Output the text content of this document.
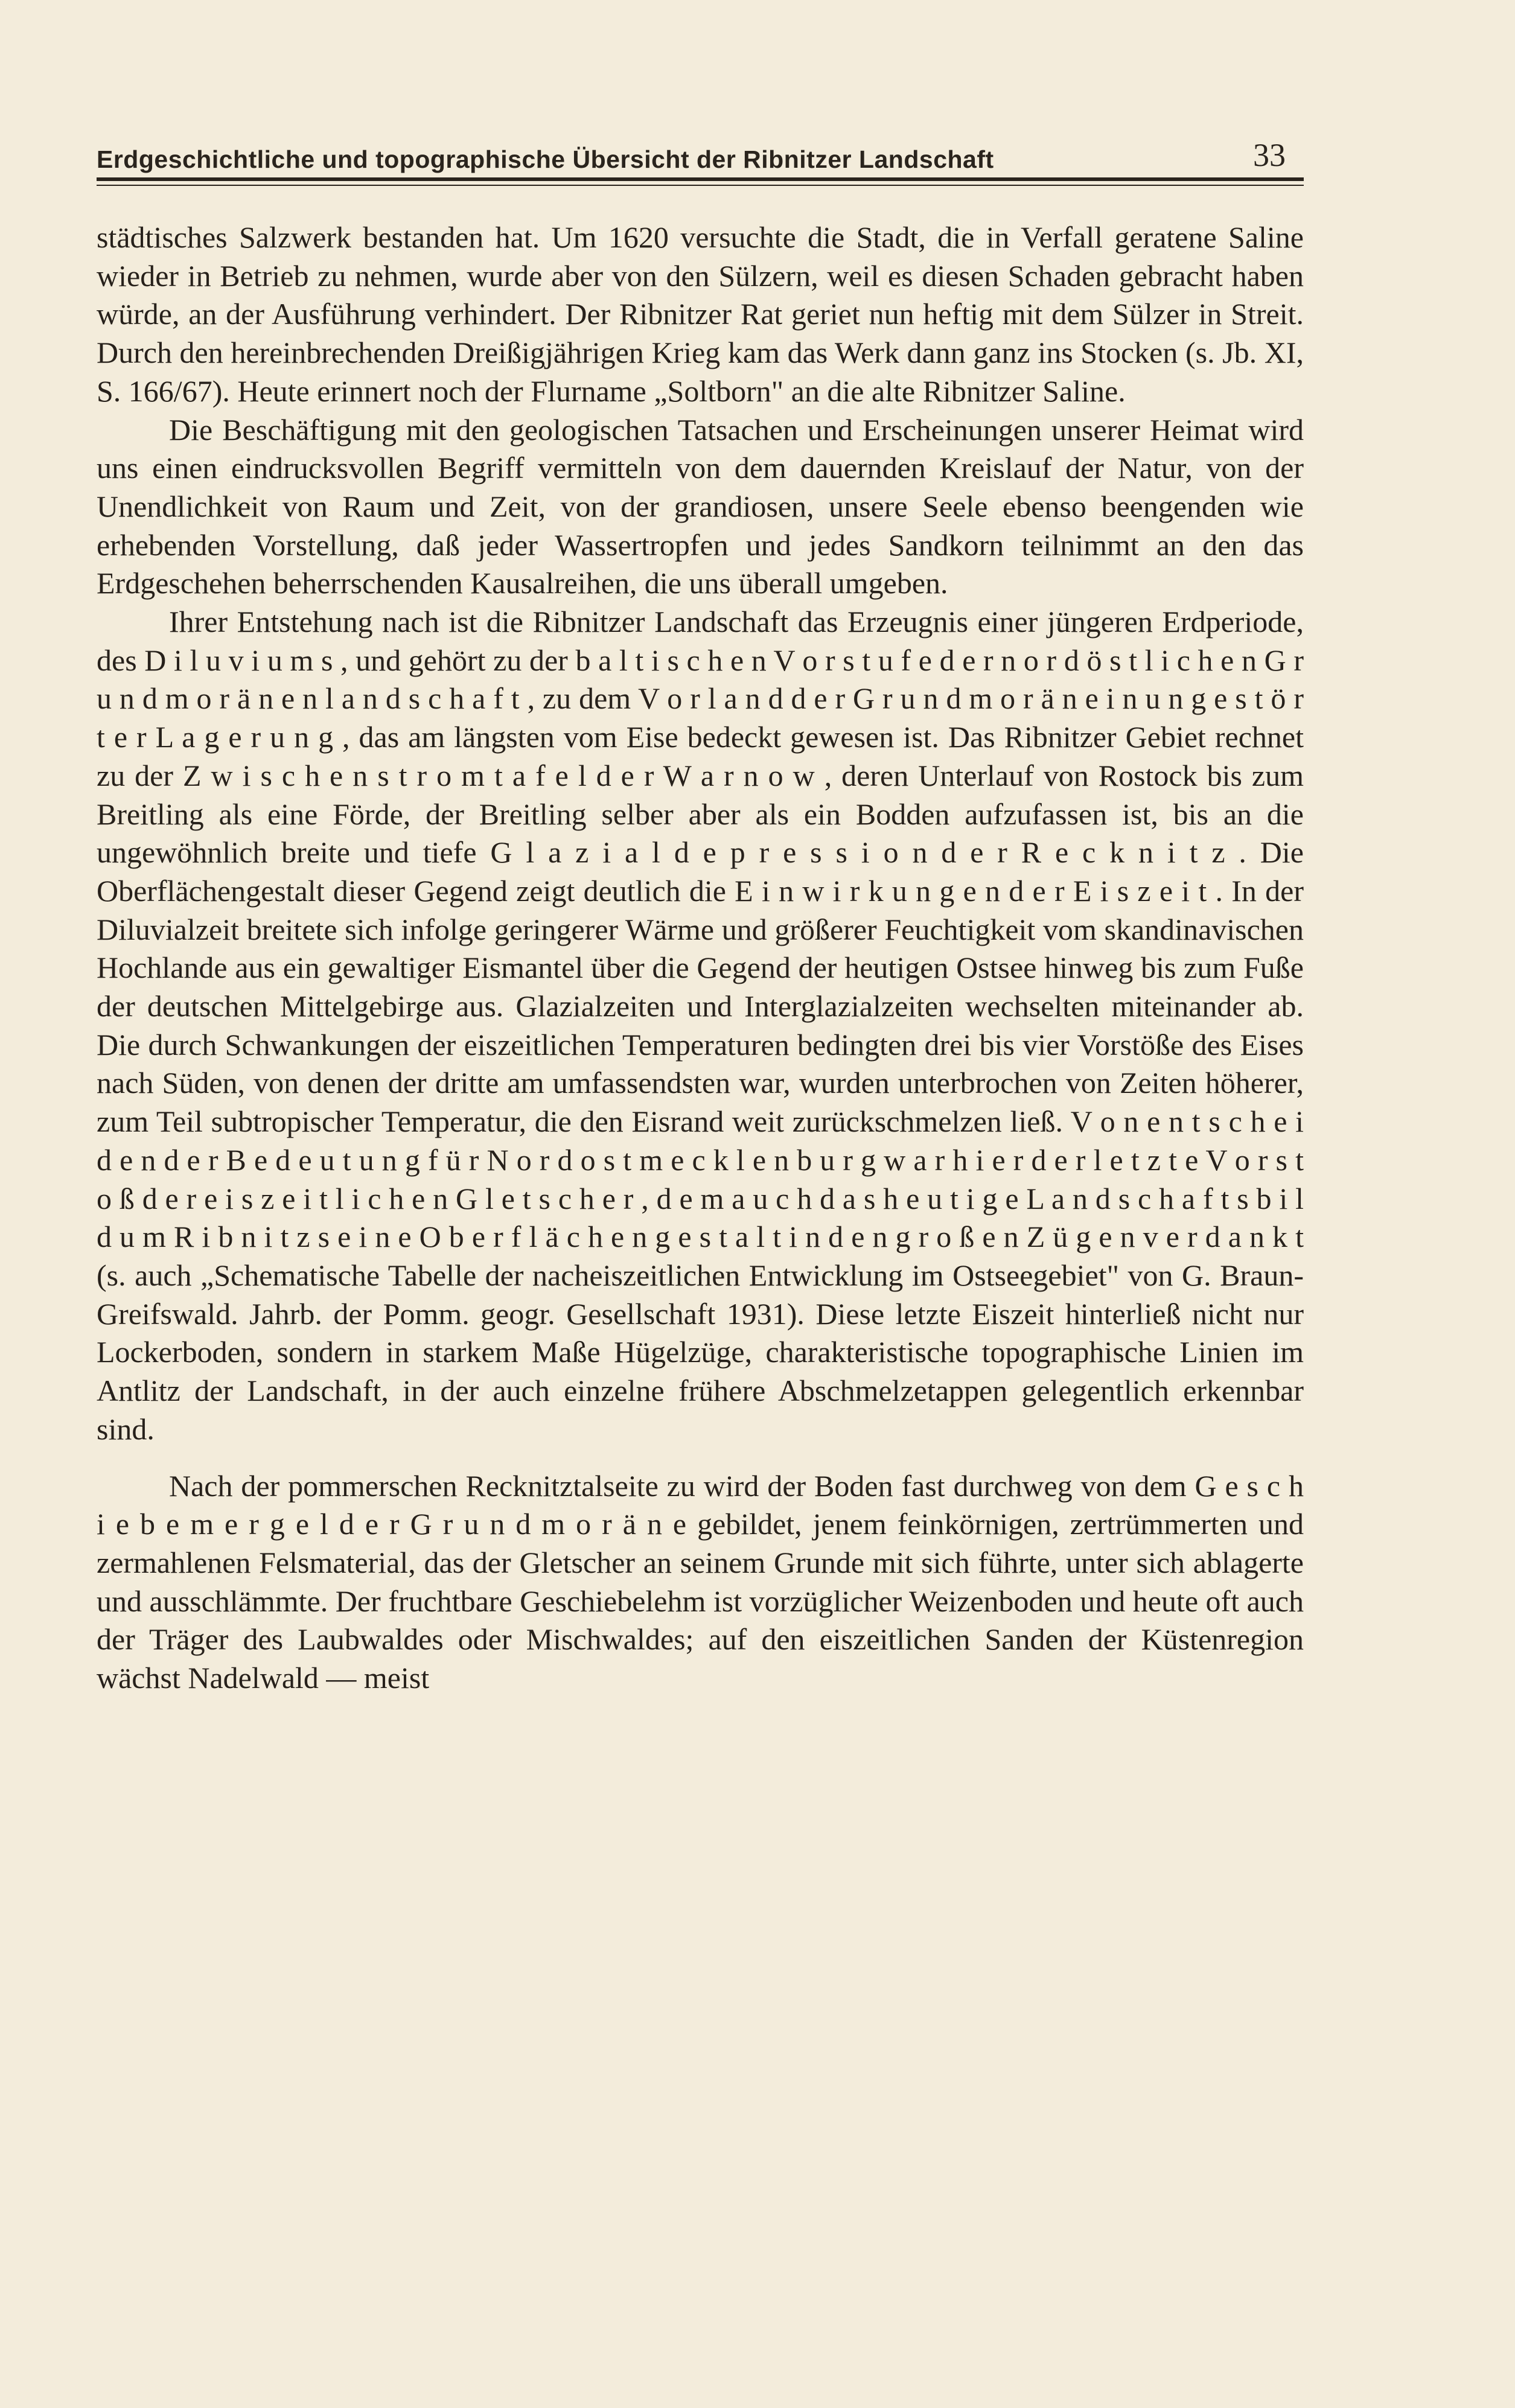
Erdgeschichtliche und topographische Übersicht der Ribnitzer Landschaft	33

städtisches Salzwerk bestanden hat. Um 1620 versuchte die Stadt, die in Verfall geratene Saline wieder in Betrieb zu nehmen, wurde aber von den Sülzern, weil es diesen Schaden gebracht haben würde, an der Ausführung verhindert. Der Ribnitzer Rat geriet nun heftig mit dem Sülzer in Streit. Durch den hereinbrechenden Dreißigjährigen Krieg kam das Werk dann ganz ins Stocken (s. Jb. XI, S. 166/67). Heute erinnert noch der Flurname „Soltborn" an die alte Ribnitzer Saline.

Die Beschäftigung mit den geologischen Tatsachen und Erscheinungen unserer Heimat wird uns einen eindrucksvollen Begriff vermitteln von dem dauernden Kreislauf der Natur, von der Unendlichkeit von Raum und Zeit, von der grandiosen, unsere Seele ebenso beengenden wie erhebenden Vorstellung, daß jeder Wassertropfen und jedes Sandkorn teilnimmt an den das Erdgeschehen beherrschenden Kausalreihen, die uns überall umgeben.

Ihrer Entstehung nach ist die Ribnitzer Landschaft das Erzeugnis einer jüngeren Erdperiode, des D i l u v i u m s , und gehört zu der b a l t i s c h e n V o r s t u f e d e r n o r d ö s t l i c h e n G r u n d m o r ä n e n l a n d s c h a f t , zu dem V o r l a n d d e r G r u n d m o r ä n e i n u n g e s t ö r t e r L a g e r u n g , das am längsten vom Eise bedeckt gewesen ist. Das Ribnitzer Gebiet rechnet zu der Z w i s c h e n s t r o m t a f e l d e r W a r n o w , deren Unterlauf von Rostock bis zum Breitling als eine Förde, der Breitling selber aber als ein Bodden aufzufassen ist, bis an die ungewöhnlich breite und tiefe G l a z i a l d e p r e s s i o n d e r R e c k n i t z . Die Oberflächengestalt dieser Gegend zeigt deutlich die E i n w i r k u n g e n d e r E i s z e i t . In der Diluvialzeit breitete sich infolge geringerer Wärme und größerer Feuchtigkeit vom skandinavischen Hochlande aus ein gewaltiger Eismantel über die Gegend der heutigen Ostsee hinweg bis zum Fuße der deutschen Mittelgebirge aus. Glazialzeiten und Interglazialzeiten wechselten miteinander ab. Die durch Schwankungen der eiszeitlichen Temperaturen bedingten drei bis vier Vorstöße des Eises nach Süden, von denen der dritte am umfassendsten war, wurden unterbrochen von Zeiten höherer, zum Teil subtropischer Temperatur, die den Eisrand weit zurückschmelzen ließ. V o n e n t s c h e i d e n d e r B e d e u t u n g f ü r N o r d o s t m e c k l e n b u r g w a r h i e r d e r l e t z t e V o r s t o ß d e r e i s z e i t l i c h e n G l e t s c h e r , d e m a u c h d a s h e u t i g e L a n d s c h a f t s b i l d u m R i b n i t z s e i n e O b e r f l ä c h e n g e s t a l t i n d e n g r o ß e n Z ü g e n v e r d a n k t (s. auch „Schematische Tabelle der nacheiszeitlichen Entwicklung im Ostseegebiet" von G. Braun-Greifswald. Jahrb. der Pomm. geogr. Gesellschaft 1931). Diese letzte Eiszeit hinterließ nicht nur Lockerboden, sondern in starkem Maße Hügelzüge, charakteristische topographische Linien im Antlitz der Landschaft, in der auch einzelne frühere Abschmelzetappen gelegentlich erkennbar sind.

Nach der pommerschen Recknitztalseite zu wird der Boden fast durchweg von dem G e s c h i e b e m e r g e l d e r G r u n d m o r ä n e gebildet, jenem feinkörnigen, zertrümmerten und zermahlenen Felsmaterial, das der Gletscher an seinem Grunde mit sich führte, unter sich ablagerte und ausschlämmte. Der fruchtbare Geschiebelehm ist vorzüglicher Weizenboden und heute oft auch der Träger des Laubwaldes oder Mischwaldes; auf den eiszeitlichen Sanden der Küstenregion wächst Nadelwald — meist
